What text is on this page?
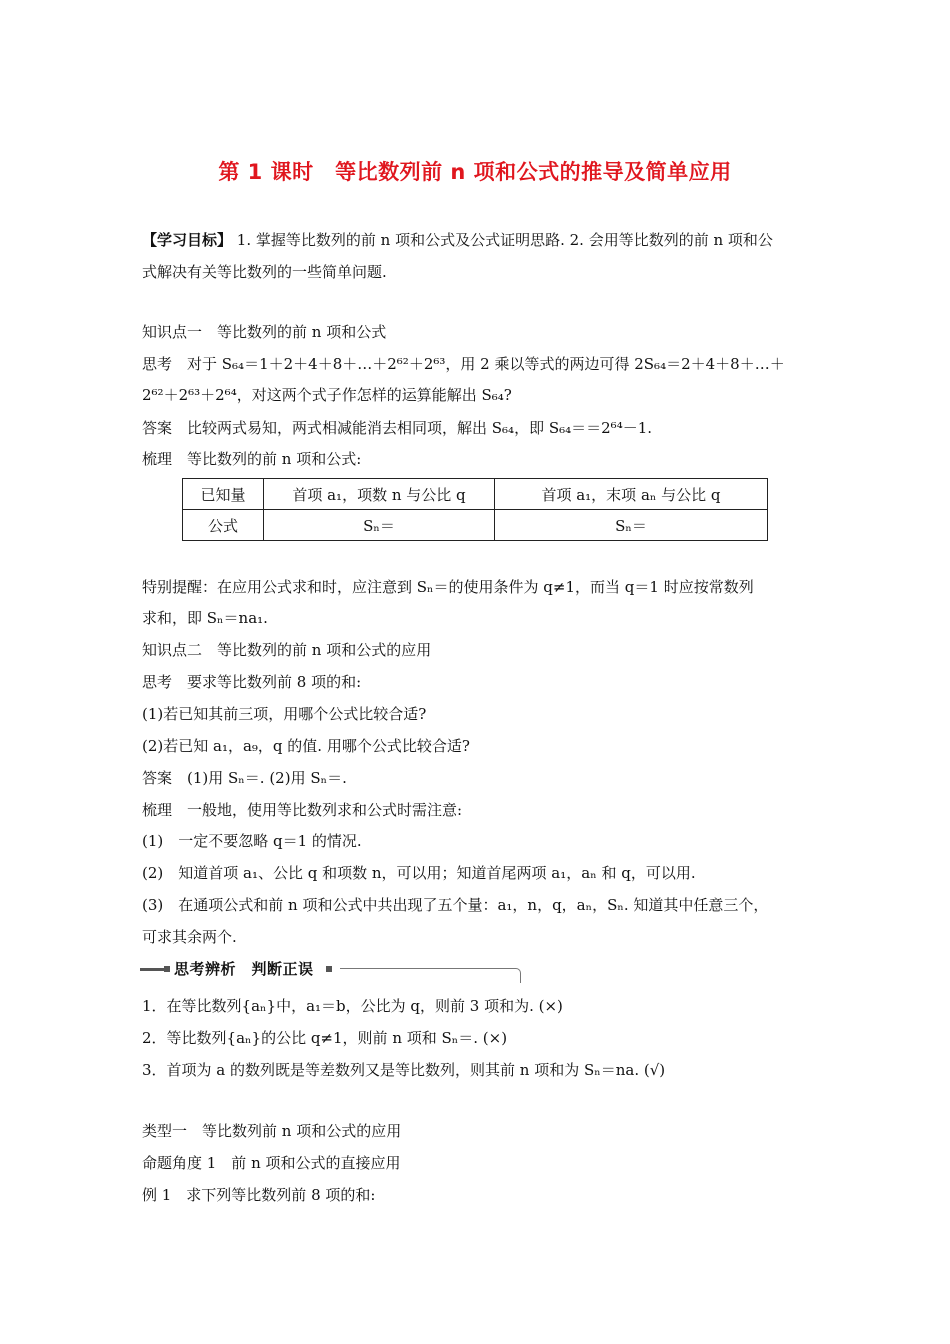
第 1 课时　等比数列前 n 项和公式的推导及简单应用
【学习目标】 1. 掌握等比数列的前 n 项和公式及公式证明思路. 2. 会用等比数列的前 n 项和公
式解决有关等比数列的一些简单问题.
知识点一　等比数列的前 n 项和公式
思考　对于 S₆₄＝1＋2＋4＋8＋…＋2⁶²＋2⁶³，用 2 乘以等式的两边可得 2S₆₄＝2＋4＋8＋…＋
2⁶²＋2⁶³＋2⁶⁴，对这两个式子作怎样的运算能解出 S₆₄?
答案　比较两式易知，两式相减能消去相同项，解出 S₆₄，即 S₆₄＝＝2⁶⁴－1.
梳理　等比数列的前 n 项和公式:
已知量	首项 a₁，项数 n 与公比 q	首项 a₁，末项 aₙ 与公比 q
公式	Sₙ＝	Sₙ＝
特别提醒：在应用公式求和时，应注意到 Sₙ＝的使用条件为 q≠1，而当 q＝1 时应按常数列
求和，即 Sₙ＝na₁.
知识点二　等比数列的前 n 项和公式的应用
思考　要求等比数列前 8 项的和:
(1)若已知其前三项，用哪个公式比较合适?
(2)若已知 a₁，a₉，q 的值. 用哪个公式比较合适?
答案　(1)用 Sₙ＝. (2)用 Sₙ＝.
梳理　一般地，使用等比数列求和公式时需注意:
(1)　一定不要忽略 q＝1 的情况.
(2)　知道首项 a₁、公比 q 和项数 n，可以用；知道首尾两项 a₁，aₙ 和 q，可以用.
(3)　在通项公式和前 n 项和公式中共出现了五个量：a₁，n，q，aₙ，Sₙ. 知道其中任意三个，
可求其余两个.
思考辨析　判断正误
1．在等比数列{aₙ}中，a₁＝b，公比为 q，则前 3 项和为. (×)
2．等比数列{aₙ}的公比 q≠1，则前 n 项和 Sₙ＝. (×)
3．首项为 a 的数列既是等差数列又是等比数列，则其前 n 项和为 Sₙ＝na. (√)
类型一　等比数列前 n 项和公式的应用
命题角度 1　前 n 项和公式的直接应用
例 1　求下列等比数列前 8 项的和:
